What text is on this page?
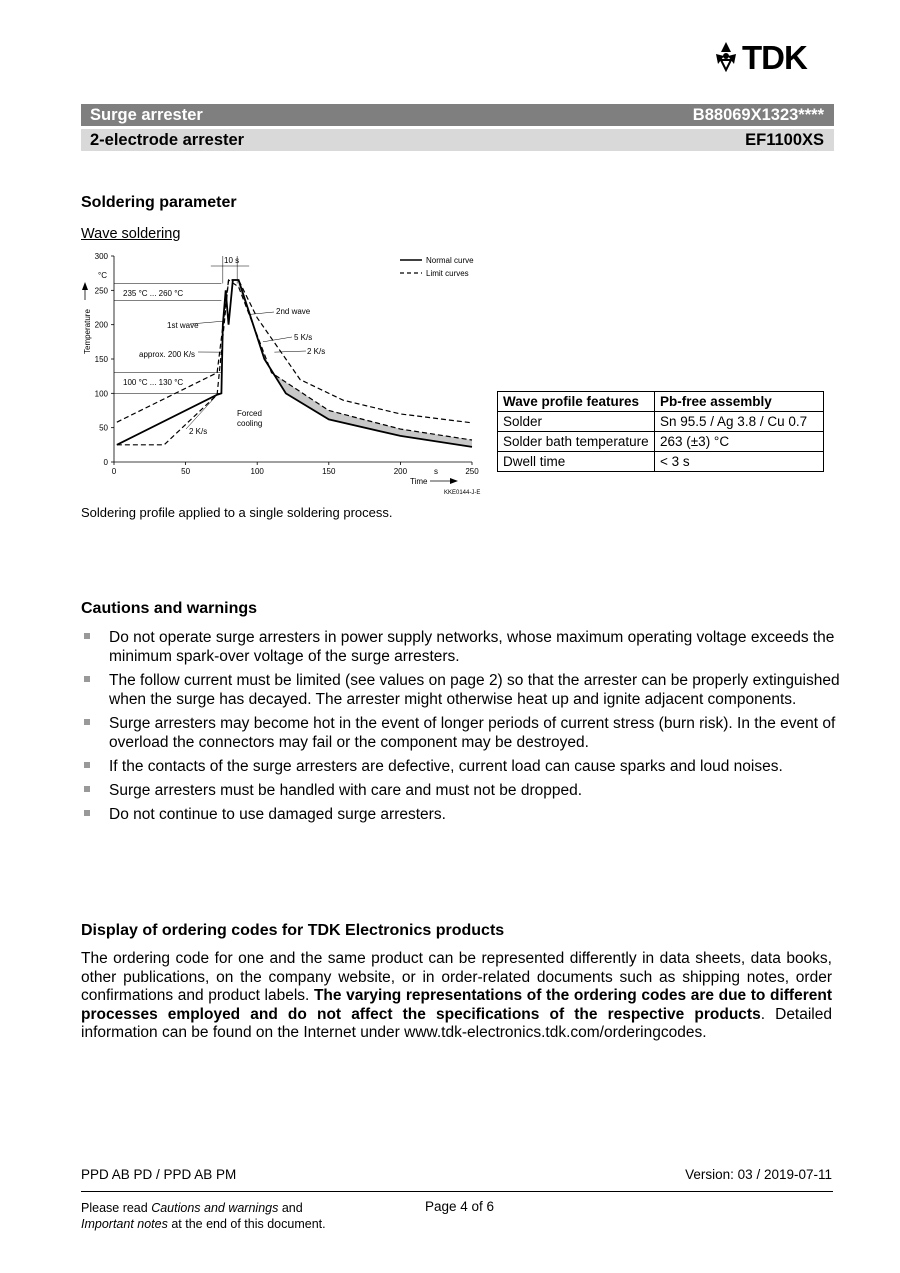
TDK
Surge arrester	B88069X1323****
2-electrode arrester	EF1100XS
Soldering parameter
Wave soldering
0
50
100
150
200
250
300
0	50	100	150	200	250
Normal curve
Limit curves
Temperature
°C
Time
s
KKE0144-J-E
10 s
235 °C ... 260 °C
1st wave
2nd wave
approx. 200 K/s
5 K/s
2 K/s
100 °C ... 130 °C
Forced cooling
2 K/s
Wave profile features	Pb-free assembly
Solder	Sn 95.5 / Ag 3.8 / Cu 0.7
Solder bath temperature	263 (±3) °C
Dwell time	< 3 s
Soldering profile applied to a single soldering process.
Cautions and warnings
Do not operate surge arresters in power supply networks, whose maximum operating voltage exceeds the minimum spark-over voltage of the surge arresters.
The follow current must be limited (see values on page 2) so that the arrester can be properly extinguished when the surge has decayed. The arrester might otherwise heat up and ignite adjacent components.
Surge arresters may become hot in the event of longer periods of current stress (burn risk). In the event of overload the connectors may fail or the component may be destroyed.
If the contacts of the surge arresters are defective, current load can cause sparks and loud noises.
Surge arresters must be handled with care and must not be dropped.
Do not continue to use damaged surge arresters.
Display of ordering codes for TDK Electronics products
The ordering code for one and the same product can be represented differently in data sheets, data books, other publications, on the company website, or in order-related documents such as shipping notes, order confirmations and product labels. The varying representations of the ordering codes are due to different processes employed and do not affect the specifications of the respective products. Detailed information can be found on the Internet under www.tdk-electronics.tdk.com/orderingcodes.
PPD AB PD / PPD AB PM	Version: 03 / 2019-07-11
Please read Cautions and warnings and
Important notes at the end of this document.
Page 4 of 6
